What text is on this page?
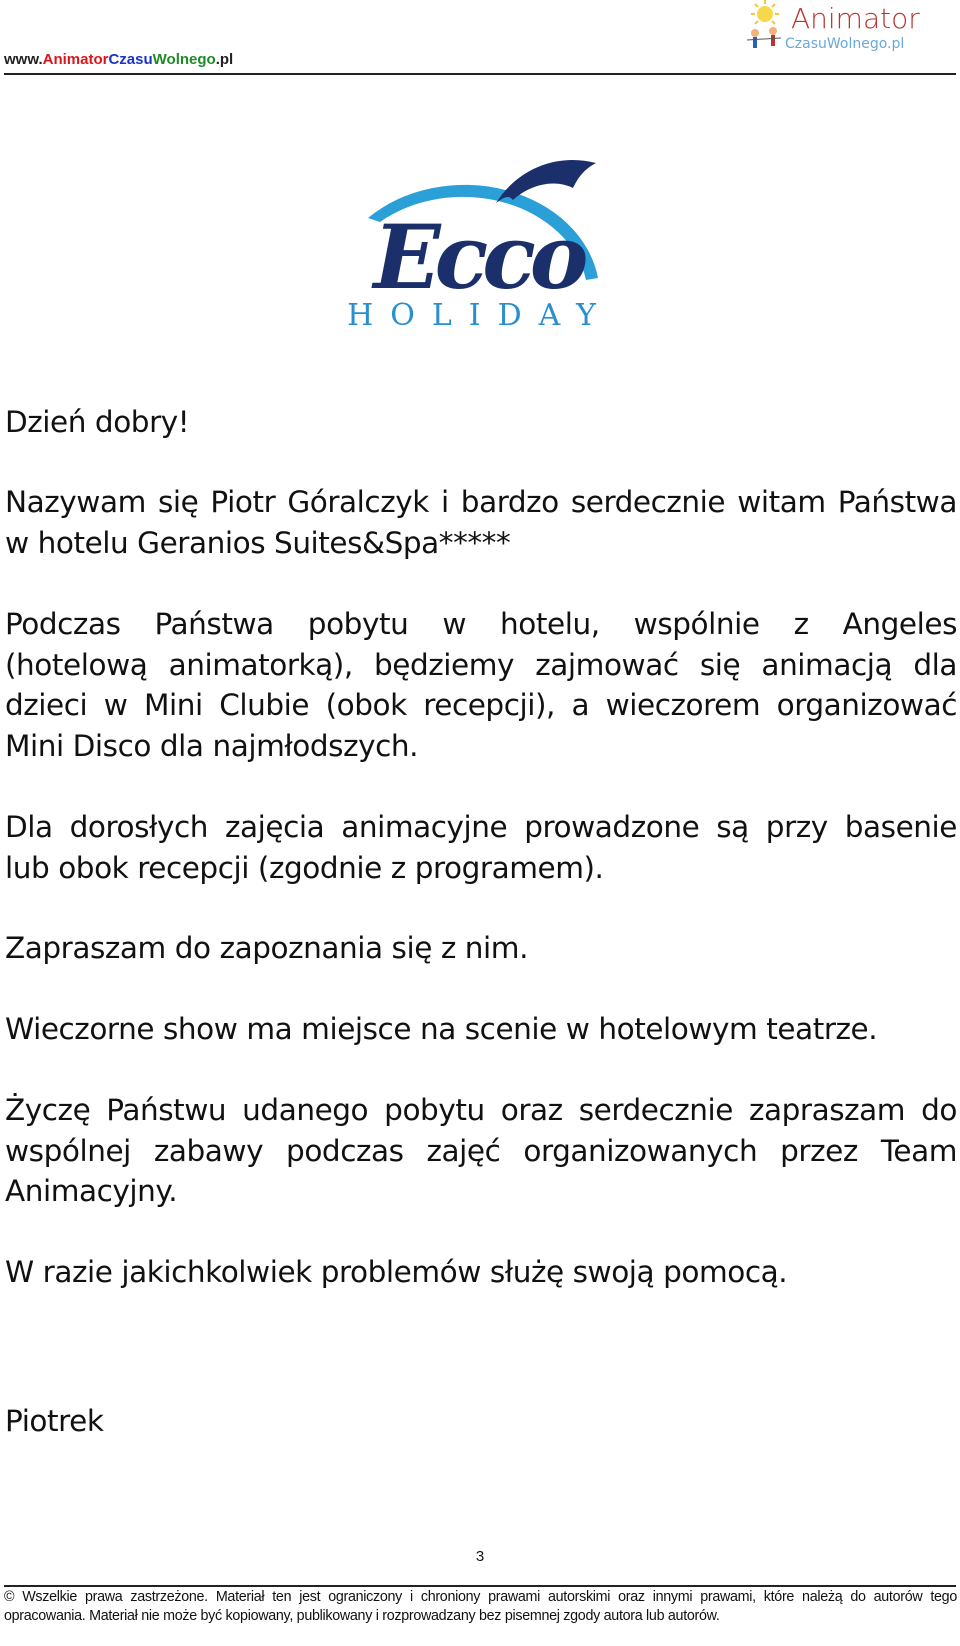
www.AnimatorCzasuWolnego.pl
Animator
CzasuWolnego.pl
Ecco
HOLIDAY
Dzień dobry!
Nazywam się Piotr Góralczyk i bardzo serdecznie witam Państwa
w hotelu Geranios Suites&Spa*****
Podczas Państwa pobytu w hotelu, wspólnie z Angeles
(hotelową animatorką), będziemy zajmować się animacją dla
dzieci w Mini Clubie (obok recepcji), a wieczorem organizować
Mini Disco dla najmłodszych.
Dla dorosłych zajęcia animacyjne prowadzone są przy basenie
lub obok recepcji (zgodnie z programem).
Zapraszam do zapoznania się z nim.
Wieczorne show ma miejsce na scenie w hotelowym teatrze.
Życzę Państwu udanego pobytu oraz serdecznie zapraszam do
wspólnej zabawy podczas zajęć organizowanych przez Team
Animacyjny.
W razie jakichkolwiek problemów służę swoją pomocą.
Piotrek
3
© Wszelkie prawa zastrzeżone. Materiał ten jest ograniczony i chroniony prawami autorskimi oraz innymi prawami, które należą do autorów tego opracowania. Materiał nie może być kopiowany, publikowany i rozprowadzany bez pisemnej zgody autora lub autorów.
